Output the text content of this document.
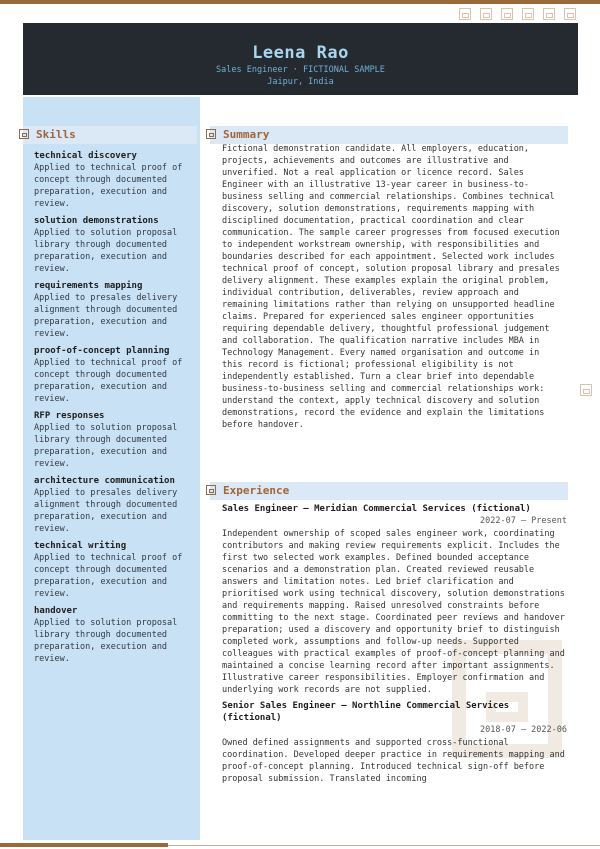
Leena Rao
Sales Engineer · FICTIONAL SAMPLE
Jaipur, India
Skills
technical discovery
Applied to technical proof of concept through documented preparation, execution and review.
solution demonstrations
Applied to solution proposal library through documented preparation, execution and review.
requirements mapping
Applied to presales delivery alignment through documented preparation, execution and review.
proof-of-concept planning
Applied to technical proof of concept through documented preparation, execution and review.
RFP responses
Applied to solution proposal library through documented preparation, execution and review.
architecture communication
Applied to presales delivery alignment through documented preparation, execution and review.
technical writing
Applied to technical proof of concept through documented preparation, execution and review.
handover
Applied to solution proposal library through documented preparation, execution and review.
Summary
Fictional demonstration candidate. All employers, education, projects, achievements and outcomes are illustrative and unverified. Not a real application or licence record. Sales Engineer with an illustrative 13-year career in business-to-business selling and commercial relationships. Combines technical discovery, solution demonstrations, requirements mapping with disciplined documentation, practical coordination and clear communication. The sample career progresses from focused execution to independent workstream ownership, with responsibilities and boundaries described for each appointment. Selected work includes technical proof of concept, solution proposal library and presales delivery alignment. These examples explain the original problem, individual contribution, deliverables, review approach and remaining limitations rather than relying on unsupported headline claims. Prepared for experienced sales engineer opportunities requiring dependable delivery, thoughtful professional judgement and collaboration. The qualification narrative includes MBA in Technology Management. Every named organisation and outcome in this record is fictional; professional eligibility is not independently established. Turn a clear brief into dependable business-to-business selling and commercial relationships work: understand the context, apply technical discovery and solution demonstrations, record the evidence and explain the limitations before handover.
Experience
Sales Engineer — Meridian Commercial Services (fictional)
2022-07 – Present
Independent ownership of scoped sales engineer work, coordinating contributors and making review requirements explicit. Includes the first two selected work examples. Defined bounded acceptance scenarios and a demonstration plan. Created reviewed reusable answers and limitation notes. Led brief clarification and prioritised work using technical discovery, solution demonstrations and requirements mapping. Raised unresolved constraints before committing to the next stage. Coordinated peer reviews and handover preparation; used a discovery and opportunity brief to distinguish completed work, assumptions and follow-up needs. Supported colleagues with practical examples of proof-of-concept planning and maintained a concise learning record after important assignments. Illustrative career responsibilities. Employer confirmation and underlying work records are not supplied.
Senior Sales Engineer — Northline Commercial Services (fictional)
2018-07 – 2022-06
Owned defined assignments and supported cross-functional coordination. Developed deeper practice in requirements mapping and proof-of-concept planning. Introduced technical sign-off before proposal submission. Translated incoming
